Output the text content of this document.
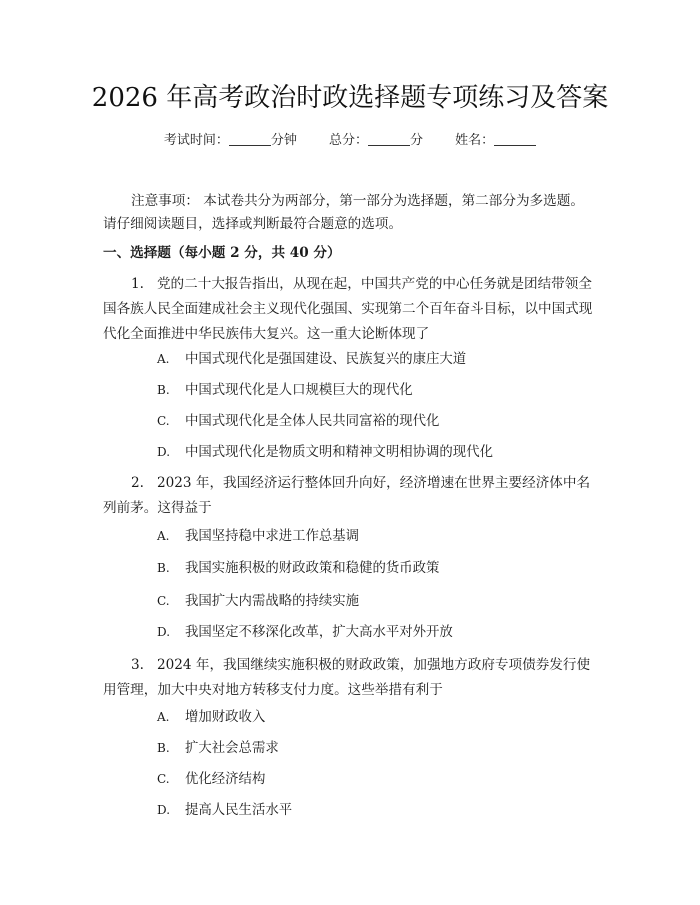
2026 年高考政治时政选择题专项练习及答案
考试时间：	分钟 总分：	分 姓名：
注意事项： 本试卷共分为两部分，第一部分为选择题，第二部分为多选题。请仔细阅读题目，选择或判断最符合题意的选项。
一、选择题（每小题 2 分，共 40 分）
1. 党的二十大报告指出，从现在起，中国共产党的中心任务就是团结带领全国各族人民全面建成社会主义现代化强国、实现第二个百年奋斗目标，以中国式现代化全面推进中华民族伟大复兴。这一重大论断体现了
A. 中国式现代化是强国建设、民族复兴的康庄大道
B. 中国式现代化是人口规模巨大的现代化
C. 中国式现代化是全体人民共同富裕的现代化
D. 中国式现代化是物质文明和精神文明相协调的现代化
2. 2023 年，我国经济运行整体回升向好，经济增速在世界主要经济体中名列前茅。这得益于
A. 我国坚持稳中求进工作总基调
B. 我国实施积极的财政政策和稳健的货币政策
C. 我国扩大内需战略的持续实施
D. 我国坚定不移深化改革，扩大高水平对外开放
3. 2024 年，我国继续实施积极的财政政策，加强地方政府专项债券发行使用管理，加大中央对地方转移支付力度。这些举措有利于
A. 增加财政收入
B. 扩大社会总需求
C. 优化经济结构
D. 提高人民生活水平
